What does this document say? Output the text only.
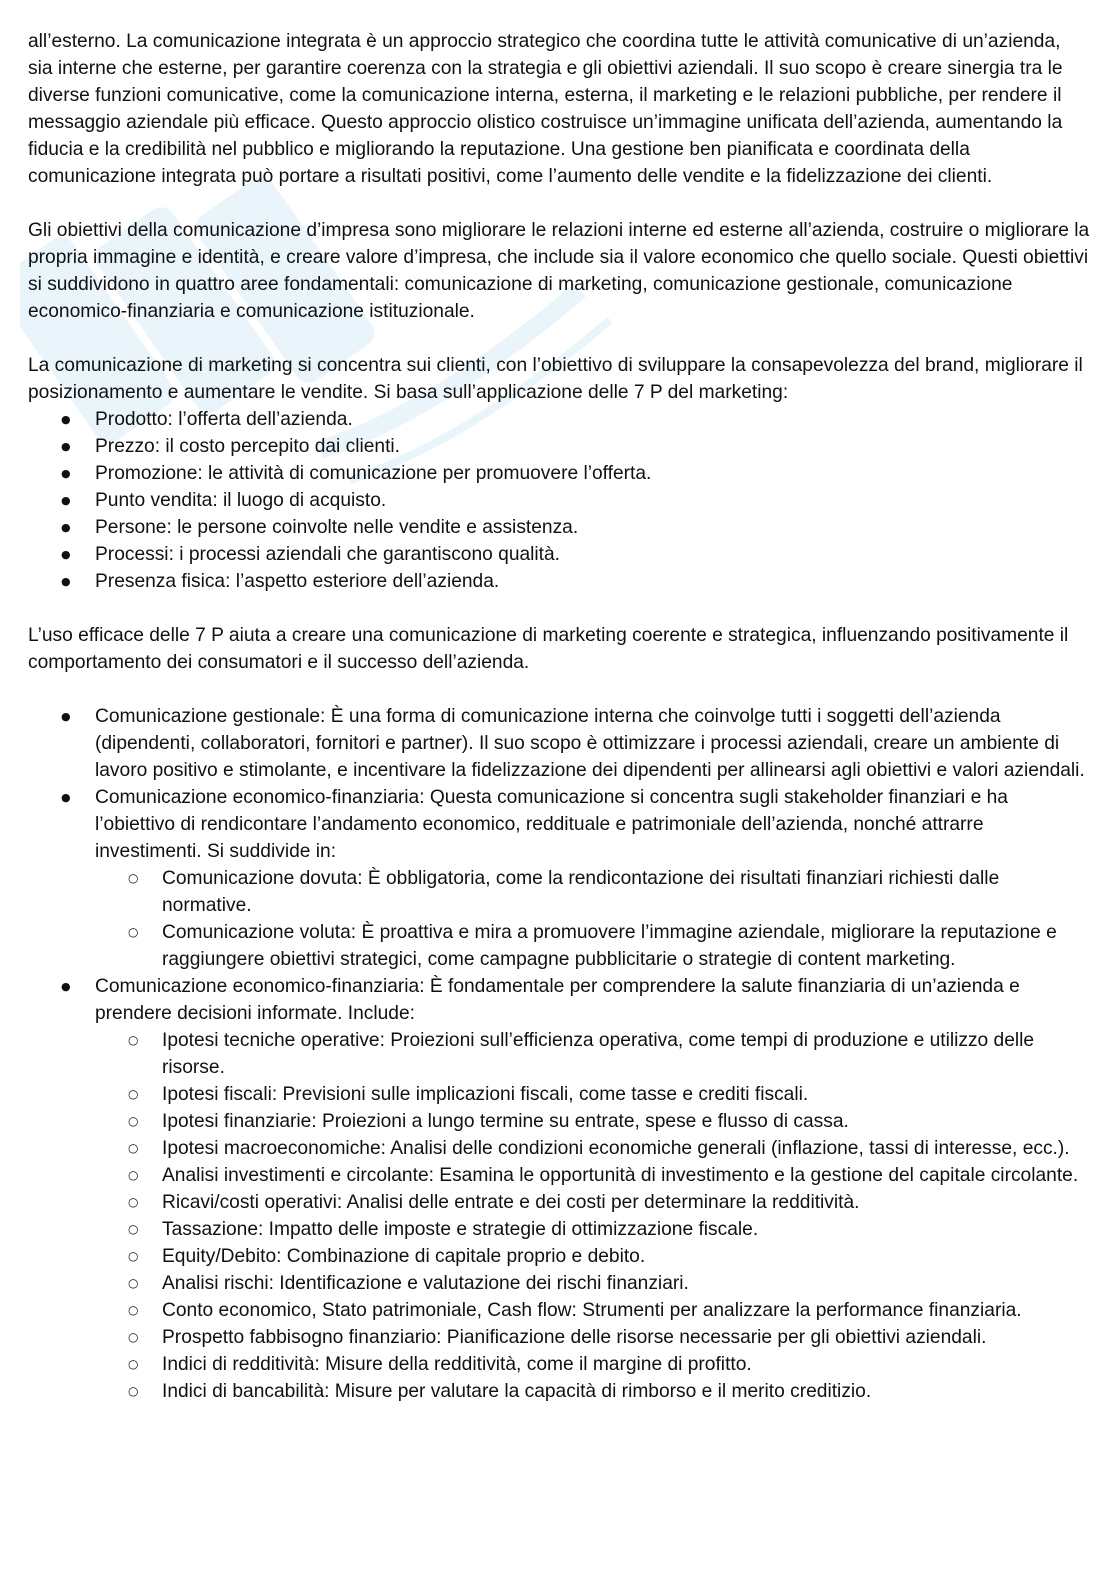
all’esterno. La comunicazione integrata è un approccio strategico che coordina tutte le attività comunicative di un’azienda, sia interne che esterne, per garantire coerenza con la strategia e gli obiettivi aziendali. Il suo scopo è creare sinergia tra le diverse funzioni comunicative, come la comunicazione interna, esterna, il marketing e le relazioni pubbliche, per rendere il messaggio aziendale più efficace. Questo approccio olistico costruisce un’immagine unificata dell’azienda, aumentando la fiducia e la credibilità nel pubblico e migliorando la reputazione. Una gestione ben pianificata e coordinata della comunicazione integrata può portare a risultati positivi, come l’aumento delle vendite e la fidelizzazione dei clienti.

Gli obiettivi della comunicazione d’impresa sono migliorare le relazioni interne ed esterne all’azienda, costruire o migliorare la propria immagine e identità, e creare valore d’impresa, che include sia il valore economico che quello sociale. Questi obiettivi si suddividono in quattro aree fondamentali: comunicazione di marketing, comunicazione gestionale, comunicazione economico-finanziaria e comunicazione istituzionale.

La comunicazione di marketing si concentra sui clienti, con l’obiettivo di sviluppare la consapevolezza del brand, migliorare il posizionamento e aumentare le vendite. Si basa sull’applicazione delle 7 P del marketing:

● Prodotto: l’offerta dell’azienda.
● Prezzo: il costo percepito dai clienti.
● Promozione: le attività di comunicazione per promuovere l’offerta.
● Punto vendita: il luogo di acquisto.
● Persone: le persone coinvolte nelle vendite e assistenza.
● Processi: i processi aziendali che garantiscono qualità.
● Presenza fisica: l’aspetto esteriore dell’azienda.

L’uso efficace delle 7 P aiuta a creare una comunicazione di marketing coerente e strategica, influenzando positivamente il comportamento dei consumatori e il successo dell’azienda.

● Comunicazione gestionale: È una forma di comunicazione interna che coinvolge tutti i soggetti dell’azienda (dipendenti, collaboratori, fornitori e partner). Il suo scopo è ottimizzare i processi aziendali, creare un ambiente di lavoro positivo e stimolante, e incentivare la fidelizzazione dei dipendenti per allinearsi agli obiettivi e valori aziendali.
● Comunicazione economico-finanziaria: Questa comunicazione si concentra sugli stakeholder finanziari e ha l’obiettivo di rendicontare l’andamento economico, reddituale e patrimoniale dell’azienda, nonché attrarre investimenti. Si suddivide in:
○ Comunicazione dovuta: È obbligatoria, come la rendicontazione dei risultati finanziari richiesti dalle normative.
○ Comunicazione voluta: È proattiva e mira a promuovere l’immagine aziendale, migliorare la reputazione e raggiungere obiettivi strategici, come campagne pubblicitarie o strategie di content marketing.
● Comunicazione economico-finanziaria: È fondamentale per comprendere la salute finanziaria di un’azienda e prendere decisioni informate. Include:
○ Ipotesi tecniche operative: Proiezioni sull’efficienza operativa, come tempi di produzione e utilizzo delle risorse.
○ Ipotesi fiscali: Previsioni sulle implicazioni fiscali, come tasse e crediti fiscali.
○ Ipotesi finanziarie: Proiezioni a lungo termine su entrate, spese e flusso di cassa.
○ Ipotesi macroeconomiche: Analisi delle condizioni economiche generali (inflazione, tassi di interesse, ecc.).
○ Analisi investimenti e circolante: Esamina le opportunità di investimento e la gestione del capitale circolante.
○ Ricavi/costi operativi: Analisi delle entrate e dei costi per determinare la redditività.
○ Tassazione: Impatto delle imposte e strategie di ottimizzazione fiscale.
○ Equity/Debito: Combinazione di capitale proprio e debito.
○ Analisi rischi: Identificazione e valutazione dei rischi finanziari.
○ Conto economico, Stato patrimoniale, Cash flow: Strumenti per analizzare la performance finanziaria.
○ Prospetto fabbisogno finanziario: Pianificazione delle risorse necessarie per gli obiettivi aziendali.
○ Indici di redditività: Misure della redditività, come il margine di profitto.
○ Indici di bancabilità: Misure per valutare la capacità di rimborso e il merito creditizio.
